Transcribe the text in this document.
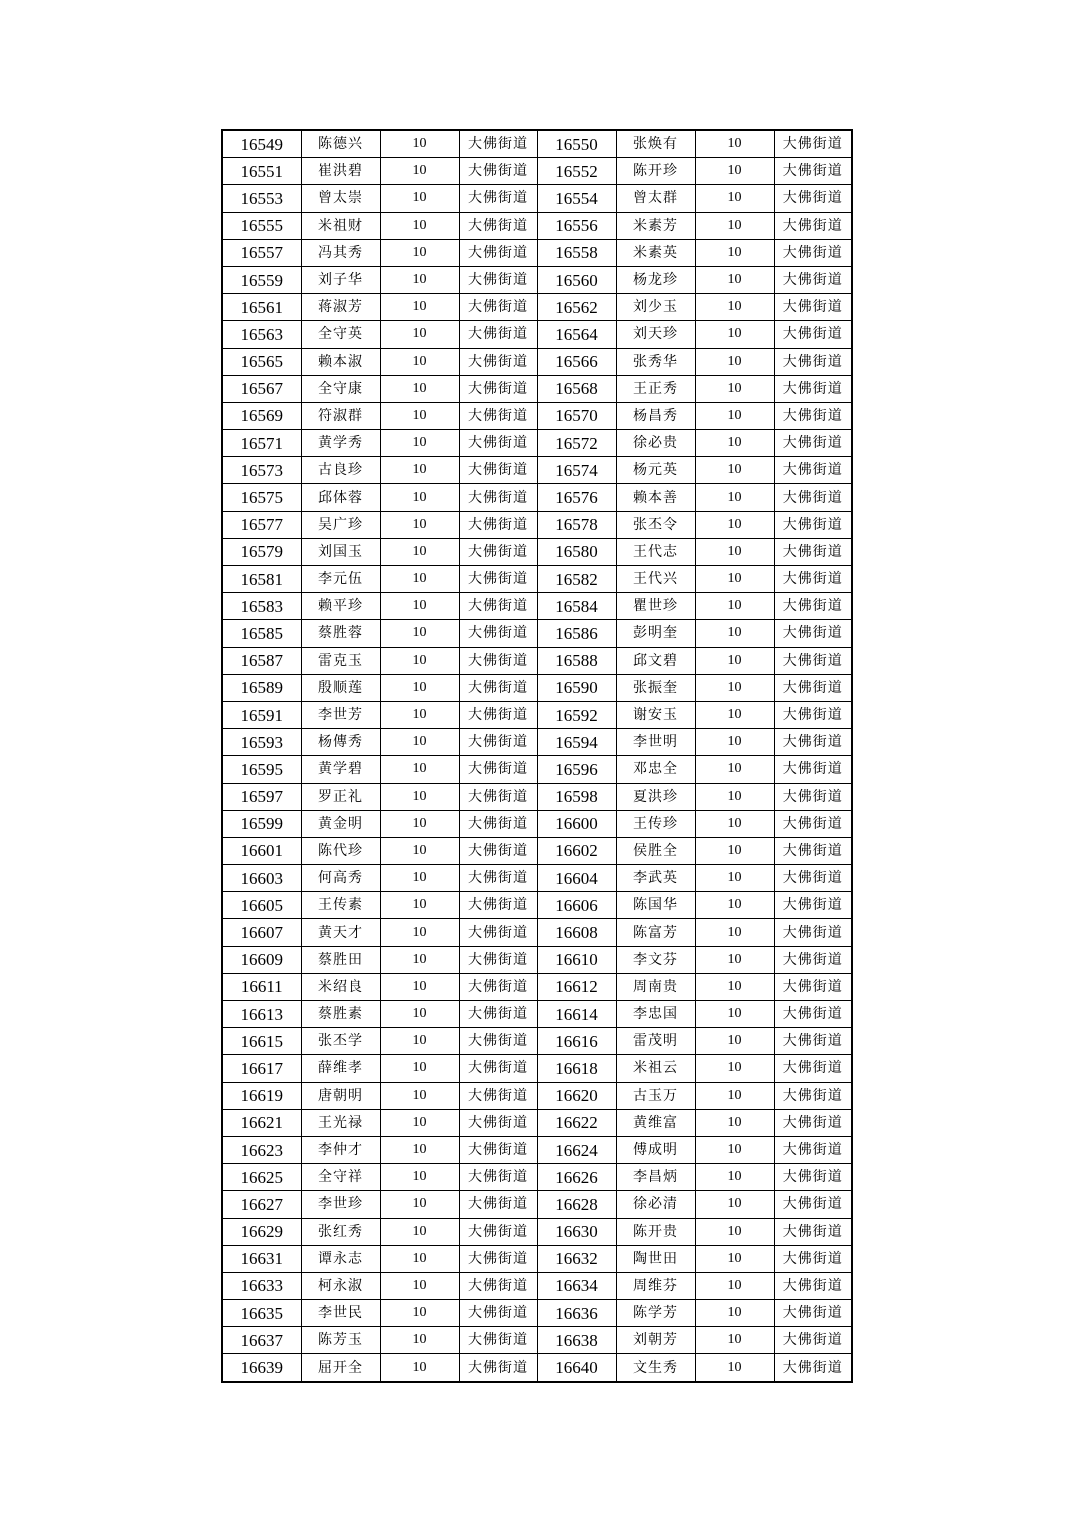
16549	陈德兴	10	大佛街道	16550	张焕有	10	大佛街道
16551	崔洪碧	10	大佛街道	16552	陈开珍	10	大佛街道
16553	曾太崇	10	大佛街道	16554	曾太群	10	大佛街道
16555	米祖财	10	大佛街道	16556	米素芳	10	大佛街道
16557	冯其秀	10	大佛街道	16558	米素英	10	大佛街道
16559	刘子华	10	大佛街道	16560	杨龙珍	10	大佛街道
16561	蒋淑芳	10	大佛街道	16562	刘少玉	10	大佛街道
16563	全守英	10	大佛街道	16564	刘天珍	10	大佛街道
16565	赖本淑	10	大佛街道	16566	张秀华	10	大佛街道
16567	全守康	10	大佛街道	16568	王正秀	10	大佛街道
16569	符淑群	10	大佛街道	16570	杨昌秀	10	大佛街道
16571	黄学秀	10	大佛街道	16572	徐必贵	10	大佛街道
16573	古良珍	10	大佛街道	16574	杨元英	10	大佛街道
16575	邱体蓉	10	大佛街道	16576	赖本善	10	大佛街道
16577	吴广珍	10	大佛街道	16578	张丕令	10	大佛街道
16579	刘国玉	10	大佛街道	16580	王代志	10	大佛街道
16581	李元伍	10	大佛街道	16582	王代兴	10	大佛街道
16583	赖平珍	10	大佛街道	16584	瞿世珍	10	大佛街道
16585	蔡胜蓉	10	大佛街道	16586	彭明奎	10	大佛街道
16587	雷克玉	10	大佛街道	16588	邱文碧	10	大佛街道
16589	殷顺莲	10	大佛街道	16590	张振奎	10	大佛街道
16591	李世芳	10	大佛街道	16592	谢安玉	10	大佛街道
16593	杨傳秀	10	大佛街道	16594	李世明	10	大佛街道
16595	黄学碧	10	大佛街道	16596	邓忠全	10	大佛街道
16597	罗正礼	10	大佛街道	16598	夏洪珍	10	大佛街道
16599	黄金明	10	大佛街道	16600	王传珍	10	大佛街道
16601	陈代珍	10	大佛街道	16602	侯胜全	10	大佛街道
16603	何高秀	10	大佛街道	16604	李武英	10	大佛街道
16605	王传素	10	大佛街道	16606	陈国华	10	大佛街道
16607	黄天才	10	大佛街道	16608	陈富芳	10	大佛街道
16609	蔡胜田	10	大佛街道	16610	李文芬	10	大佛街道
16611	米绍良	10	大佛街道	16612	周南贵	10	大佛街道
16613	蔡胜素	10	大佛街道	16614	李忠国	10	大佛街道
16615	张丕学	10	大佛街道	16616	雷茂明	10	大佛街道
16617	薛维孝	10	大佛街道	16618	米祖云	10	大佛街道
16619	唐朝明	10	大佛街道	16620	古玉万	10	大佛街道
16621	王光禄	10	大佛街道	16622	黄维富	10	大佛街道
16623	李仲才	10	大佛街道	16624	傅成明	10	大佛街道
16625	全守祥	10	大佛街道	16626	李昌炳	10	大佛街道
16627	李世珍	10	大佛街道	16628	徐必清	10	大佛街道
16629	张红秀	10	大佛街道	16630	陈开贵	10	大佛街道
16631	谭永志	10	大佛街道	16632	陶世田	10	大佛街道
16633	柯永淑	10	大佛街道	16634	周维芬	10	大佛街道
16635	李世民	10	大佛街道	16636	陈学芳	10	大佛街道
16637	陈芳玉	10	大佛街道	16638	刘朝芳	10	大佛街道
16639	屈开全	10	大佛街道	16640	文生秀	10	大佛街道
